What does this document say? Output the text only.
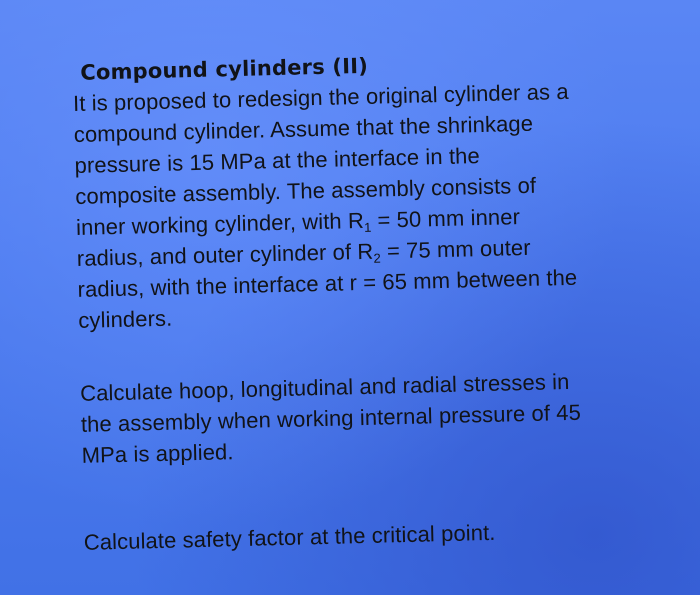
Compound cylinders (II)

It is proposed to redesign the original cylinder as a
compound cylinder. Assume that the shrinkage
pressure is 15 MPa at the interface in the
composite assembly. The assembly consists of
inner working cylinder, with $R_1 = 50$ mm inner
radius, and outer cylinder of $R_2 = 75$ mm outer
radius, with the interface at r = 65 mm between the
cylinders.

Calculate hoop, longitudinal and radial stresses in
the assembly when working internal pressure of 45
MPa is applied.

Calculate safety factor at the critical point.
